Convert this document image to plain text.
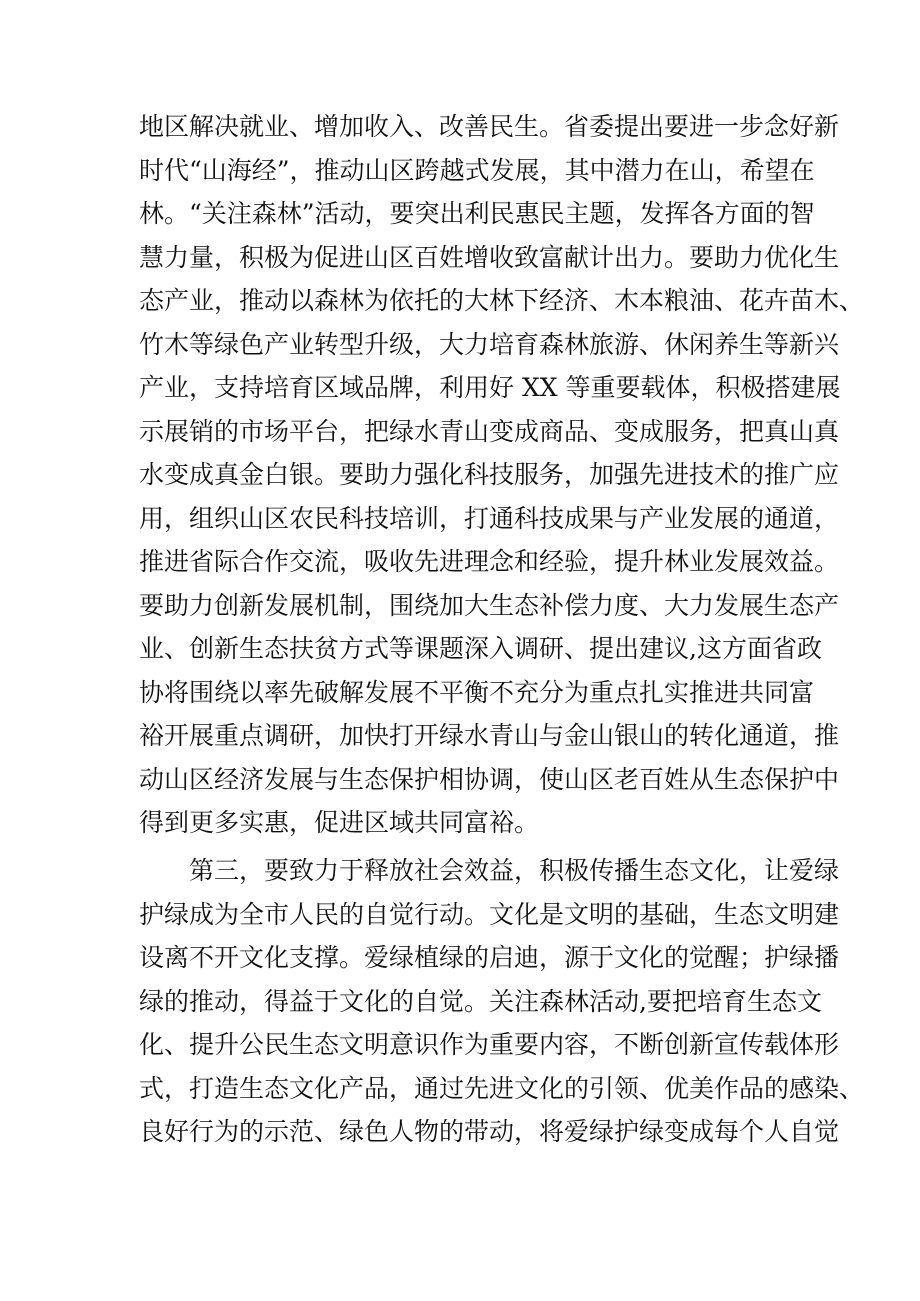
地区解决就业、增加收入、改善民生。省委提出要进一步念好新
时代“山海经”，推动山区跨越式发展，其中潜力在山，希望在
林。“关注森林”活动，要突出利民惠民主题，发挥各方面的智
慧力量，积极为促进山区百姓增收致富献计出力。要助力优化生
态产业，推动以森林为依托的大林下经济、木本粮油、花卉苗木、
竹木等绿色产业转型升级，大力培育森林旅游、休闲养生等新兴
产业，支持培育区域品牌，利用好 XX 等重要载体，积极搭建展
示展销的市场平台，把绿水青山变成商品、变成服务，把真山真
水变成真金白银。要助力强化科技服务，加强先进技术的推广应
用，组织山区农民科技培训，打通科技成果与产业发展的通道，
推进省际合作交流，吸收先进理念和经验，提升林业发展效益。
要助力创新发展机制，围绕加大生态补偿力度、大力发展生态产
业、创新生态扶贫方式等课题深入调研、提出建议,这方面省政
协将围绕以率先破解发展不平衡不充分为重点扎实推进共同富
裕开展重点调研，加快打开绿水青山与金山银山的转化通道，推
动山区经济发展与生态保护相协调，使山区老百姓从生态保护中
得到更多实惠，促进区域共同富裕。
第三，要致力于释放社会效益，积极传播生态文化，让爱绿
护绿成为全市人民的自觉行动。文化是文明的基础，生态文明建
设离不开文化支撑。爱绿植绿的启迪，源于文化的觉醒；护绿播
绿的推动，得益于文化的自觉。关注森林活动,要把培育生态文
化、提升公民生态文明意识作为重要内容，不断创新宣传载体形
式，打造生态文化产品，通过先进文化的引领、优美作品的感染、
良好行为的示范、绿色人物的带动，将爱绿护绿变成每个人自觉
